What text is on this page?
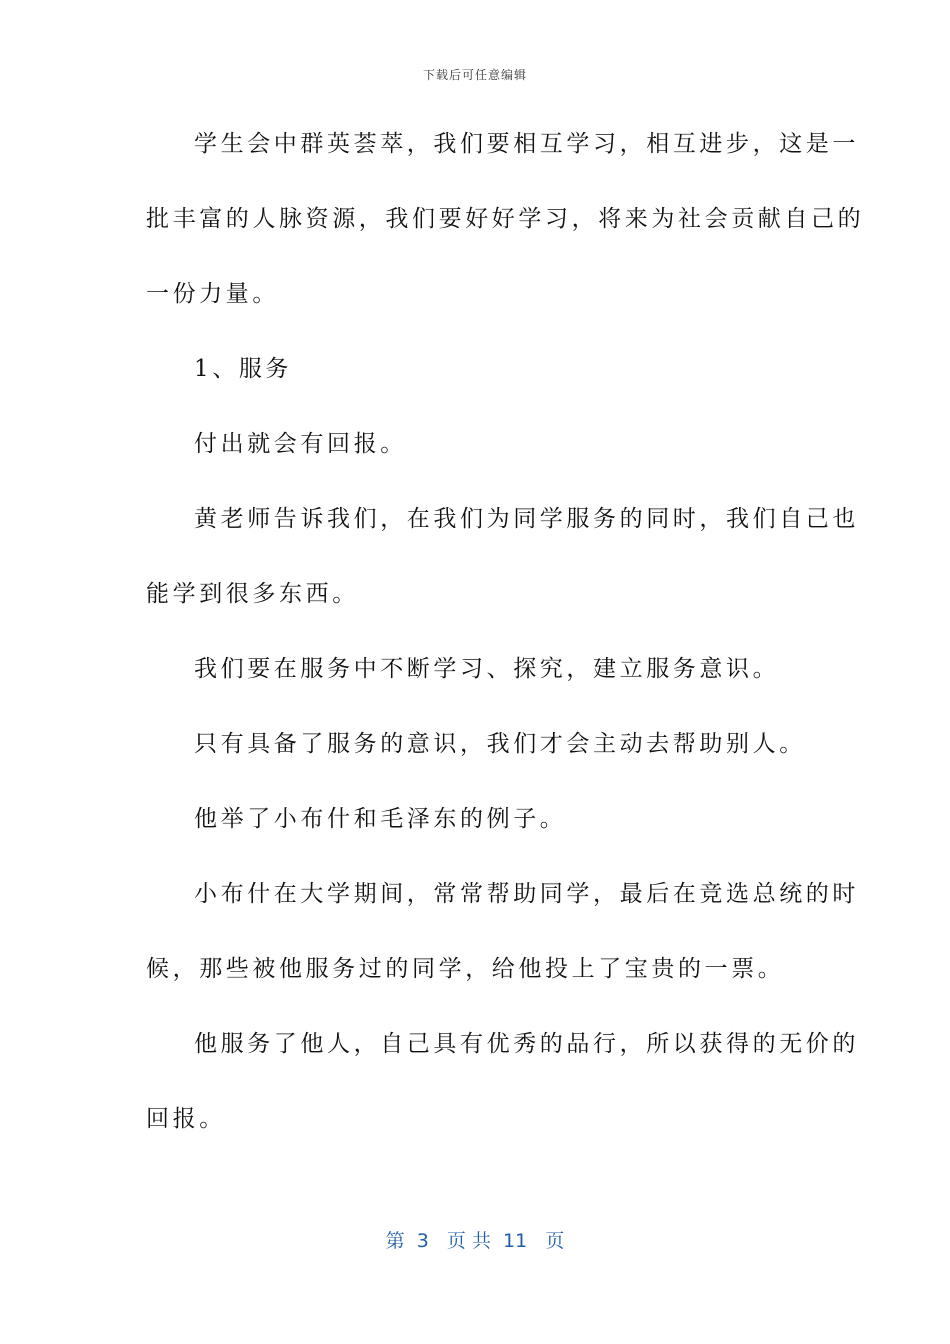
下载后可任意编辑
学生会中群英荟萃，我们要相互学习，相互进步，这是一
批丰富的人脉资源，我们要好好学习，将来为社会贡献自己的
一份力量。
1、服务
付出就会有回报。
黄老师告诉我们，在我们为同学服务的同时，我们自己也
能学到很多东西。
我们要在服务中不断学习、探究，建立服务意识。
只有具备了服务的意识，我们才会主动去帮助别人。
他举了小布什和毛泽东的例子。
小布什在大学期间，常常帮助同学，最后在竞选总统的时
候，那些被他服务过的同学，给他投上了宝贵的一票。
他服务了他人，自己具有优秀的品行，所以获得的无价的
回报。
第  3   页 共  11   页
